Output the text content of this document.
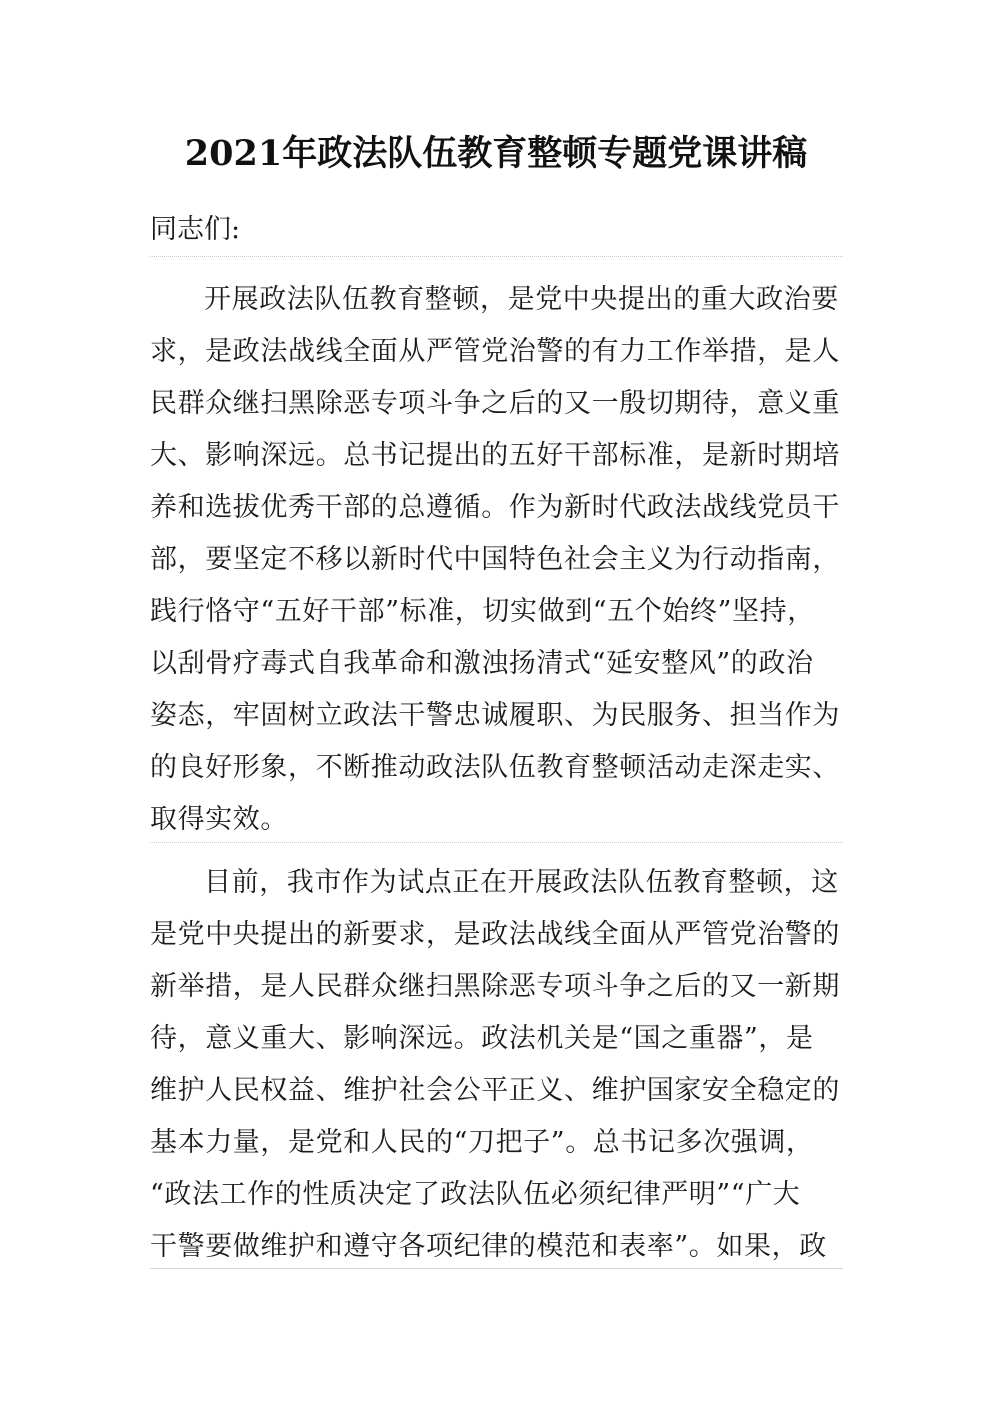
2021年政法队伍教育整顿专题党课讲稿
同志们:
开展政法队伍教育整顿，是党中央提出的重大政治要
求，是政法战线全面从严管党治警的有力工作举措，是人
民群众继扫黑除恶专项斗争之后的又一殷切期待，意义重
大、影响深远。总书记提出的五好干部标准，是新时期培
养和选拔优秀干部的总遵循。作为新时代政法战线党员干
部，要坚定不移以新时代中国特色社会主义为行动指南，
践行恪守“五好干部”标准，切实做到“五个始终”坚持，
以刮骨疗毒式自我革命和激浊扬清式“延安整风”的政治
姿态，牢固树立政法干警忠诚履职、为民服务、担当作为
的良好形象，不断推动政法队伍教育整顿活动走深走实、
取得实效。
目前，我市作为试点正在开展政法队伍教育整顿，这
是党中央提出的新要求，是政法战线全面从严管党治警的
新举措，是人民群众继扫黑除恶专项斗争之后的又一新期
待，意义重大、影响深远。政法机关是“国之重器”，是
维护人民权益、维护社会公平正义、维护国家安全稳定的
基本力量，是党和人民的“刀把子”。总书记多次强调，
“政法工作的性质决定了政法队伍必须纪律严明”“广大
干警要做维护和遵守各项纪律的模范和表率”。如果，政
